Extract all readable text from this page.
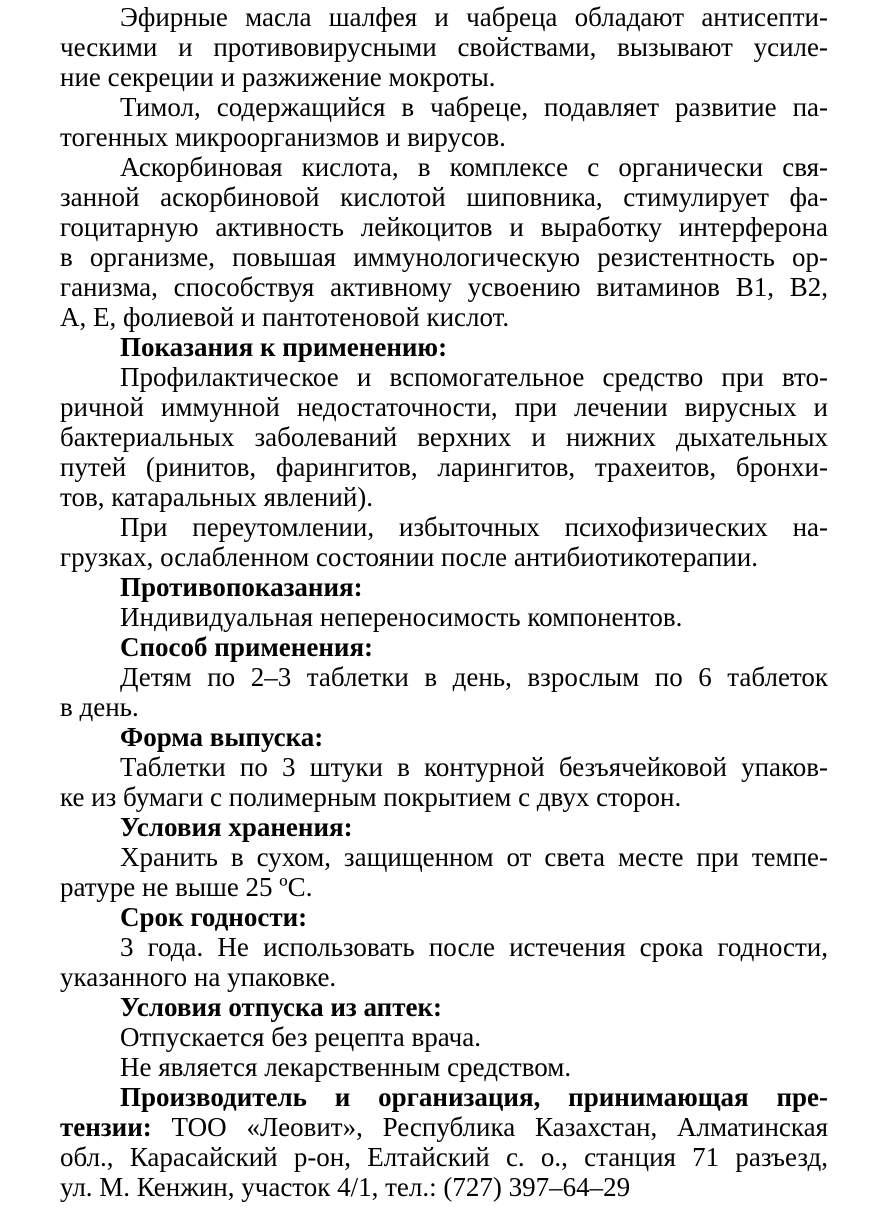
Эфирные масла шалфея и чабреца обладают антисепти-
ческими и противовирусными свойствами, вызывают усиле-
ние секреции и разжижение мокроты.
Тимол, содержащийся в чабреце, подавляет развитие па-
тогенных микроорганизмов и вирусов.
Аскорбиновая кислота, в комплексе с органически свя-
занной аскорбиновой кислотой шиповника, стимулирует фа-
гоцитарную активность лейкоцитов и выработку интерферона
в организме, повышая иммунологическую резистентность ор-
ганизма, способствуя активному усвоению витаминов В1, В2,
А, Е, фолиевой и пантотеновой кислот.
Показания к применению:
Профилактическое и вспомогательное средство при вто-
ричной иммунной недостаточности, при лечении вирусных и
бактериальных заболеваний верхних и нижних дыхательных
путей (ринитов, фарингитов, ларингитов, трахеитов, бронхи-
тов, катаральных явлений).
При переутомлении, избыточных психофизических на-
грузках, ослабленном состоянии после антибиотикотерапии.
Противопоказания:
Индивидуальная непереносимость компонентов.
Способ применения:
Детям по 2–3 таблетки в день, взрослым по 6 таблеток
в день.
Форма выпуска:
Таблетки по 3 штуки в контурной безъячейковой упаков-
ке из бумаги с полимерным покрытием с двух сторон.
Условия хранения:
Хранить в сухом, защищенном от света месте при темпе-
ратуре не выше 25 ºС.
Срок годности:
3 года. Не использовать после истечения срока годности,
указанного на упаковке.
Условия отпуска из аптек:
Отпускается без рецепта врача.
Не является лекарственным средством.
Производитель и организация, принимающая пре-
тензии: ТОО «Леовит», Республика Казахстан, Алматинская
обл., Карасайский р-он, Елтайский с. о., станция 71 разъезд,
ул. М. Кенжин, участок 4/1, тел.: (727) 397–64–29
